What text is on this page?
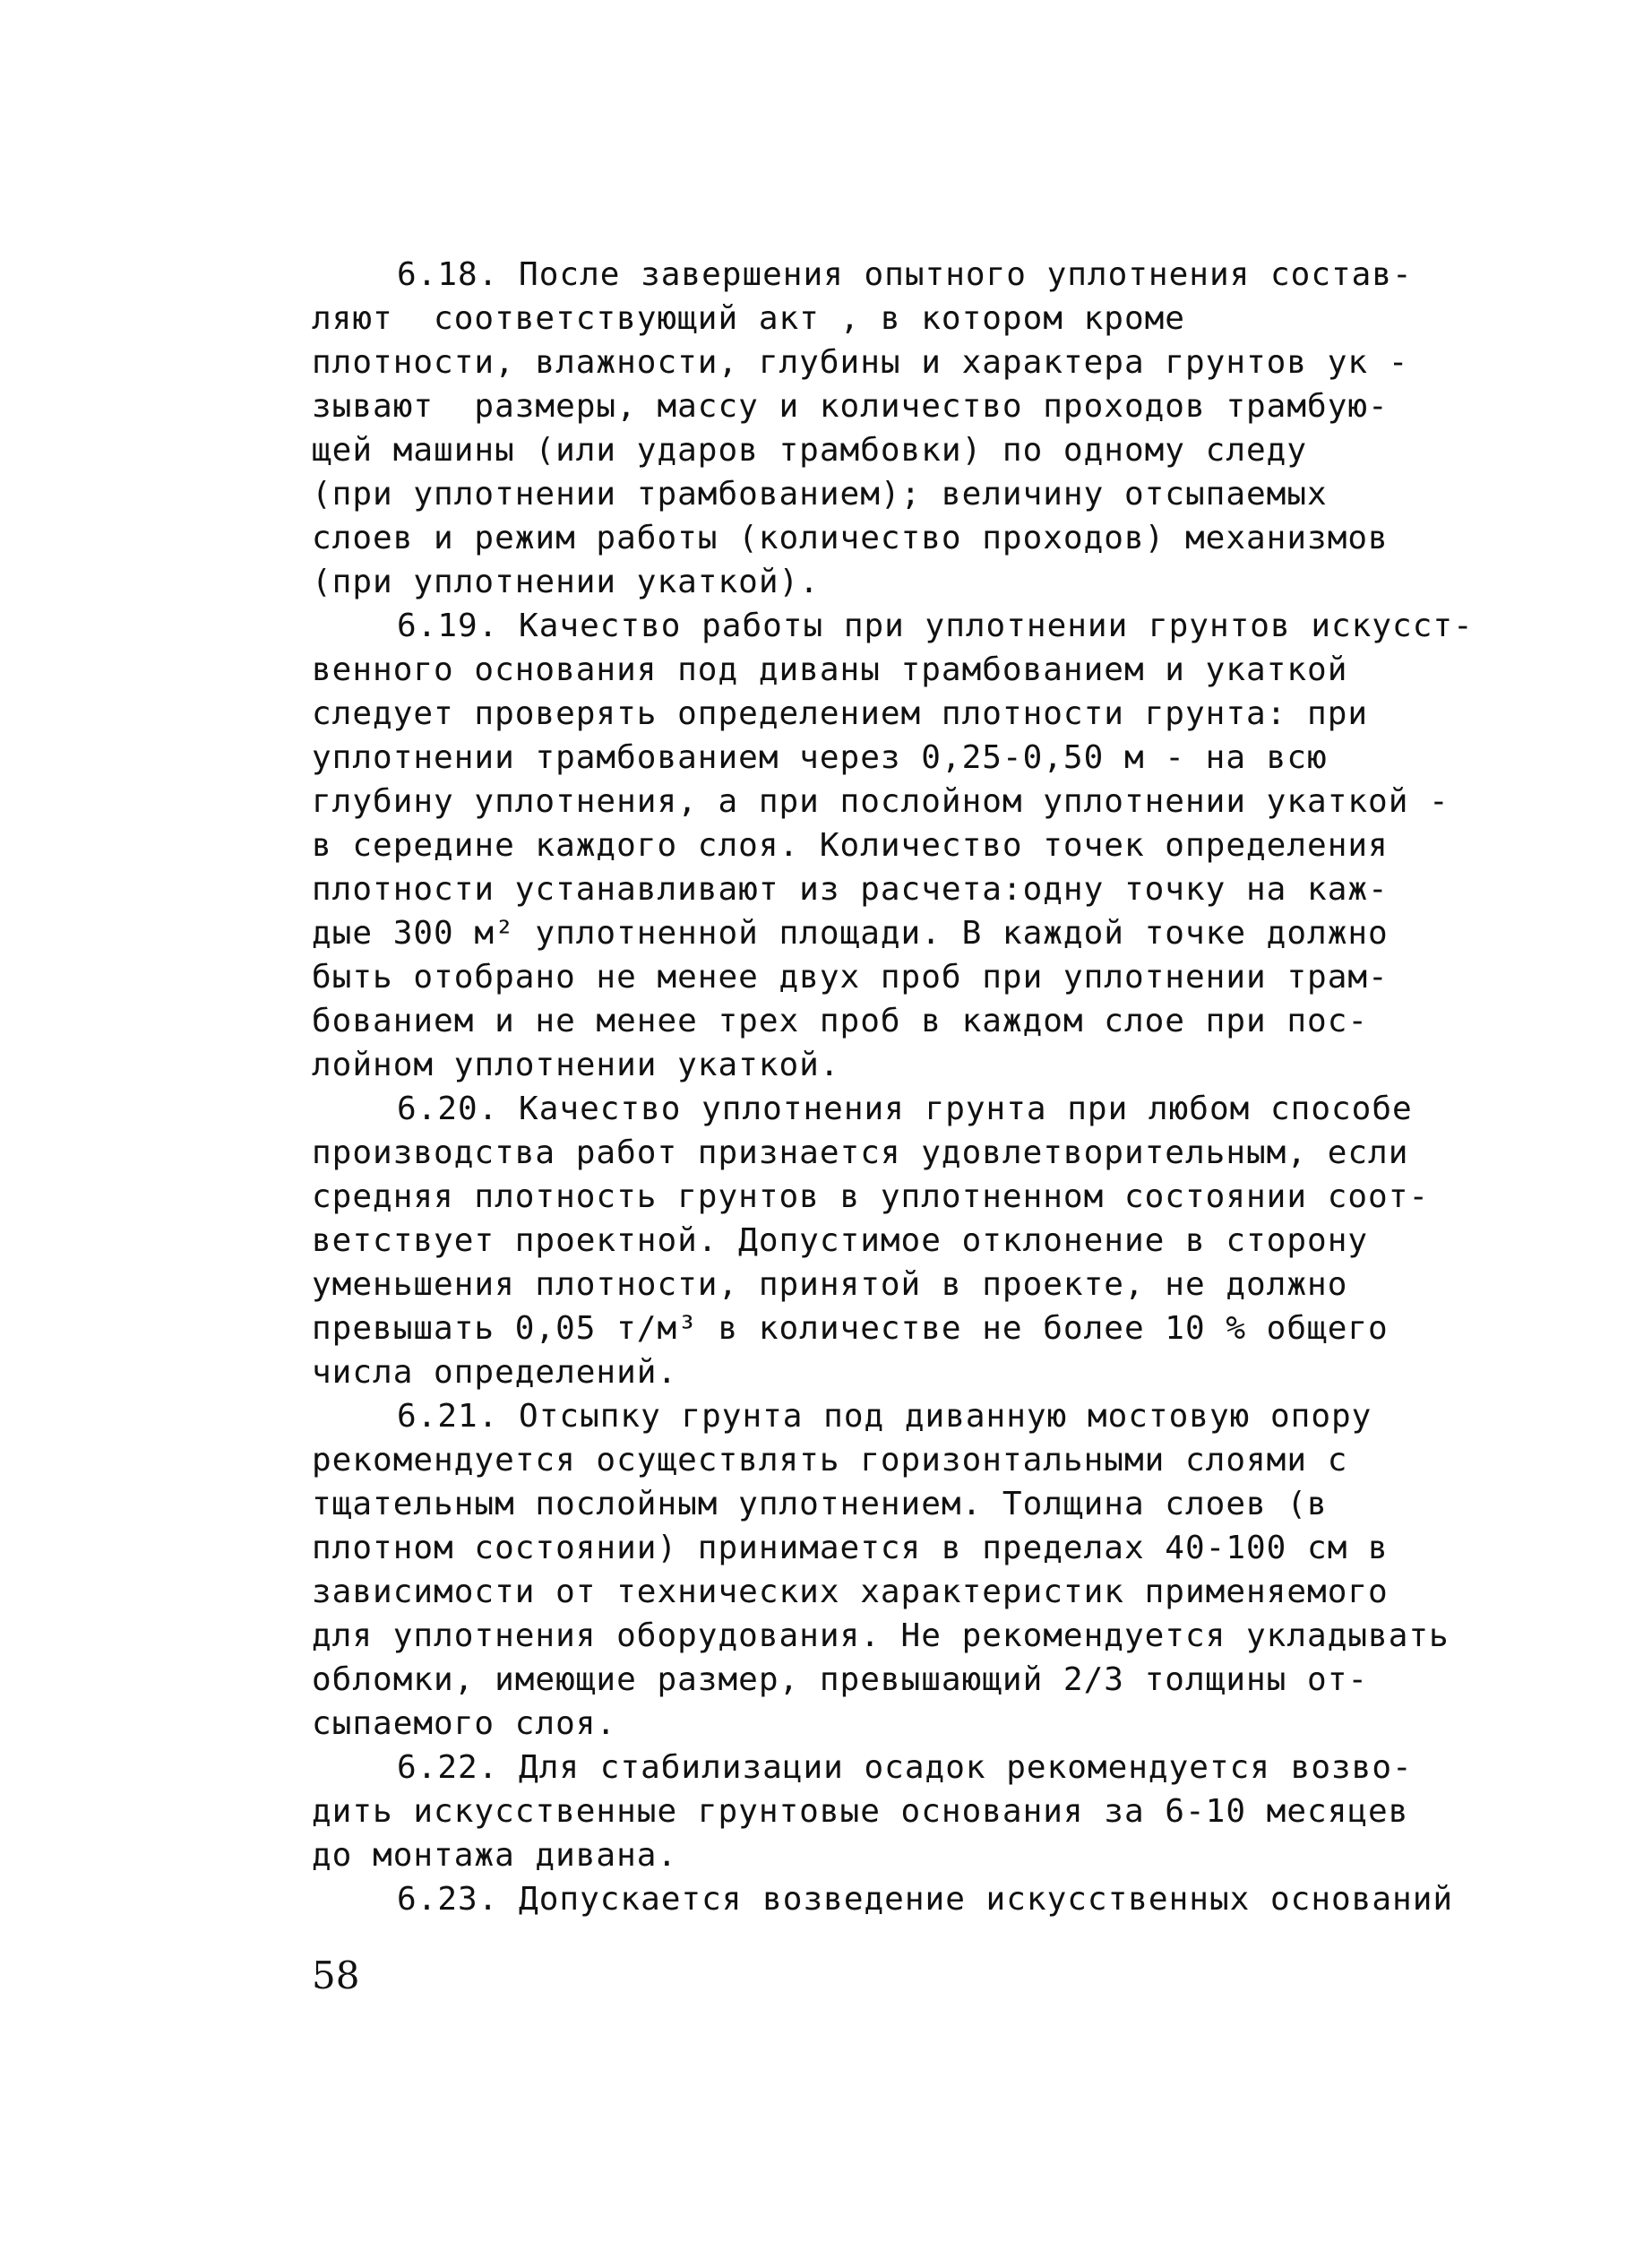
6.18. После завершения опытного уплотнения состав-
ляют  соответствующий акт , в котором кроме
плотности, влажности, глубины и характера грунтов ук -
зывают  размеры, массу и количество проходов трамбую-
щей машины (или ударов трамбовки) по одному следу
(при уплотнении трамбованием); величину отсыпаемых
слоев и режим работы (количество проходов) механизмов
(при уплотнении укаткой).
6.19. Качество работы при уплотнении грунтов искусст-
венного основания под диваны трамбованием и укаткой
следует проверять определением плотности грунта: при
уплотнении трамбованием через 0,25-0,50 м - на всю
глубину уплотнения, а при послойном уплотнении укаткой -
в середине каждого слоя. Количество точек определения
плотности устанавливают из расчета:одну точку на каж-
дые 300 м² уплотненной площади. В каждой точке должно
быть отобрано не менее двух проб при уплотнении трам-
бованием и не менее трех проб в каждом слое при пос-
лойном уплотнении укаткой.
6.20. Качество уплотнения грунта при любом способе
производства работ признается удовлетворительным, если
средняя плотность грунтов в уплотненном состоянии соот-
ветствует проектной. Допустимое отклонение в сторону
уменьшения плотности, принятой в проекте, не должно
превышать 0,05 т/м³ в количестве не более 10 % общего
числа определений.
6.21. Отсыпку грунта под диванную мостовую опору
рекомендуется осуществлять горизонтальными слоями с
тщательным послойным уплотнением. Толщина слоев (в
плотном состоянии) принимается в пределах 40-100 см в
зависимости от технических характеристик применяемого
для уплотнения оборудования. Не рекомендуется укладывать
обломки, имеющие размер, превышающий 2/3 толщины от-
сыпаемого слоя.
6.22. Для стабилизации осадок рекомендуется возво-
дить искусственные грунтовые основания за 6-10 месяцев
до монтажа дивана.
6.23. Допускается возведение искусственных оснований
58
